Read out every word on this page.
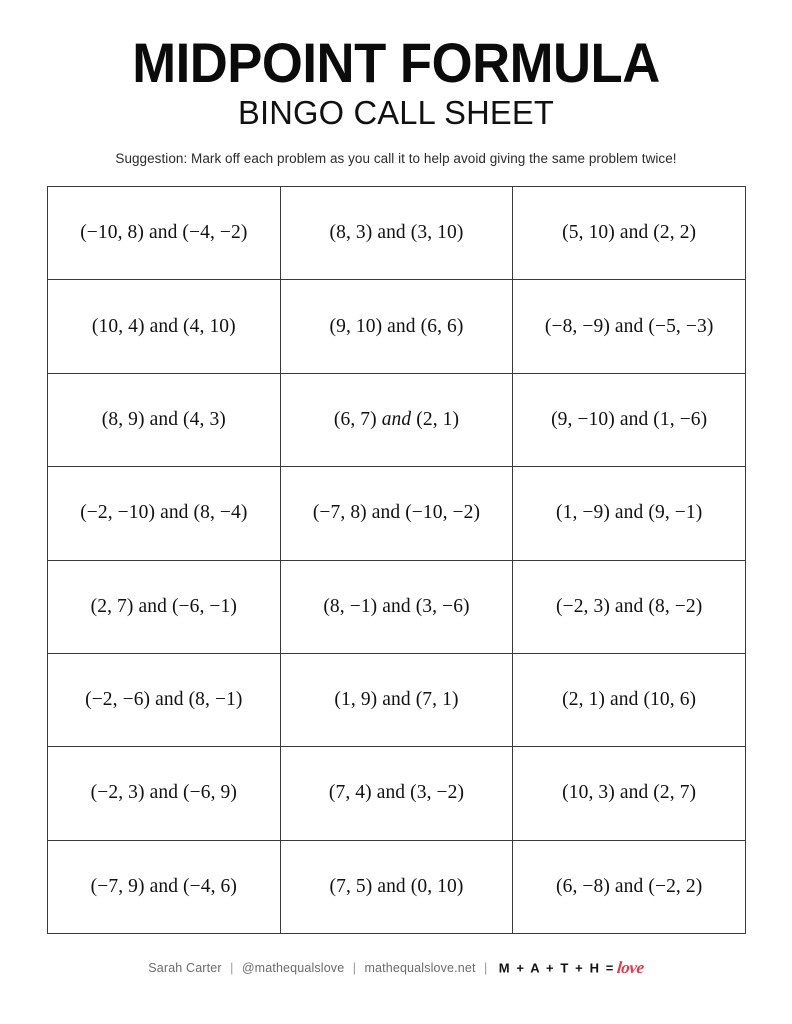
MIDPOINT FORMULA
BINGO CALL SHEET

Suggestion: Mark off each problem as you call it to help avoid giving the same problem twice!

(−10, 8) and (−4, −2)	(8, 3) and (3, 10)	(5, 10) and (2, 2)
(10, 4) and (4, 10)	(9, 10) and (6, 6)	(−8, −9) and (−5, −3)
(8, 9) and (4, 3)	(6, 7) and (2, 1)	(9, −10) and (1, −6)
(−2, −10) and (8, −4)	(−7, 8) and (−10, −2)	(1, −9) and (9, −1)
(2, 7) and (−6, −1)	(8, −1) and (3, −6)	(−2, 3) and (8, −2)
(−2, −6) and (8, −1)	(1, 9) and (7, 1)	(2, 1) and (10, 6)
(−2, 3) and (−6, 9)	(7, 4) and (3, −2)	(10, 3) and (2, 7)
(−7, 9) and (−4, 6)	(7, 5) and (0, 10)	(6, −8) and (−2, 2)
Sarah Carter | @mathequalslove | mathequalslove.net | M + A + T + H =love
